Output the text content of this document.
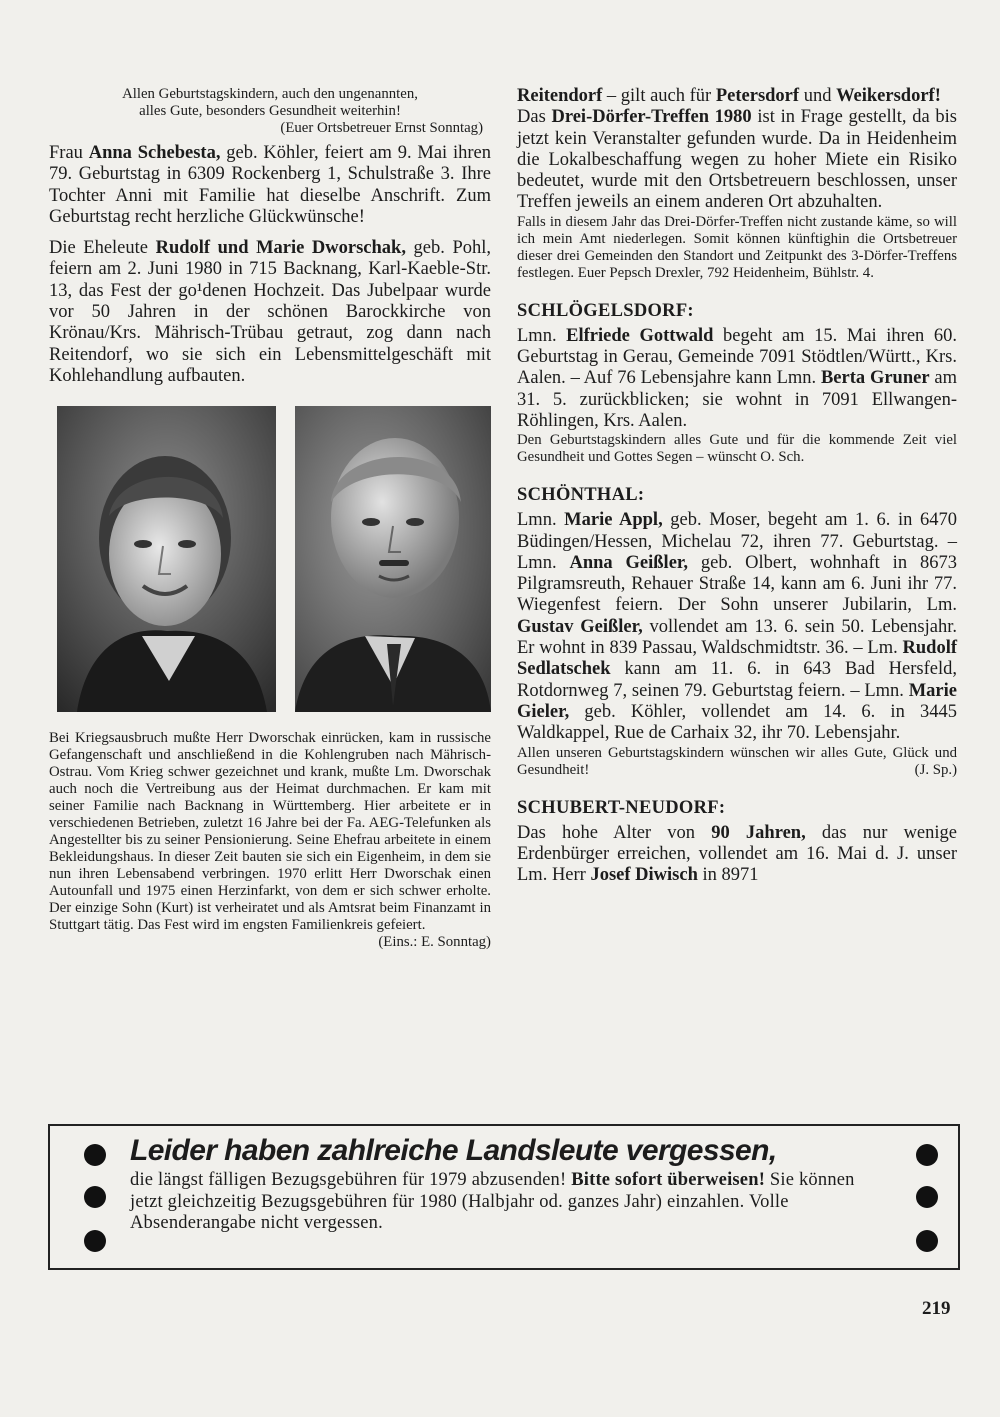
Allen Geburtstagskindern, auch den ungenannten,

alles Gute, besonders Gesundheit weiterhin!

(Euer Ortsbetreuer Ernst Sonntag)

Frau Anna Schebesta, geb. Köhler, feiert am 9. Mai ihren 79. Geburtstag in 6309 Rockenberg 1, Schulstraße 3. Ihre Tochter Anni mit Familie hat dieselbe Anschrift. Zum Geburtstag recht herzliche Glückwünsche!

Die Eheleute Rudolf und Marie Dworschak, geb. Pohl, feiern am 2. Juni 1980 in 715 Backnang, Karl-Kaeble-Str. 13, das Fest der go¹denen Hochzeit. Das Jubelpaar wurde vor 50 Jahren in der schönen Barockkirche von Krönau/Krs. Mährisch-Trübau getraut, zog dann nach Reitendorf, wo sie sich ein Lebensmittelgeschäft mit Kohlehandlung aufbauten.

Bei Kriegsausbruch mußte Herr Dworschak einrücken, kam in russische Gefangenschaft und anschließend in die Kohlengruben nach Mährisch-Ostrau. Vom Krieg schwer gezeichnet und krank, mußte Lm. Dworschak auch noch die Vertreibung aus der Heimat durchmachen. Er kam mit seiner Familie nach Backnang in Württemberg. Hier arbeitete er in verschiedenen Betrieben, zuletzt 16 Jahre bei der Fa. AEG-Telefunken als Angestellter bis zu seiner Pensionierung. Seine Ehefrau arbeitete in einem Bekleidungshaus. In dieser Zeit bauten sie sich ein Eigenheim, in dem sie nun ihren Lebensabend verbringen. 1970 erlitt Herr Dworschak einen Autounfall und 1975 einen Herzinfarkt, von dem er sich schwer erholte. Der einzige Sohn (Kurt) ist verheiratet und als Amtsrat beim Finanzamt in Stuttgart tätig. Das Fest wird im engsten Familienkreis gefeiert.
(Eins.: E. Sonntag)

Reitendorf – gilt auch für Petersdorf und Weikersdorf!

Das Drei-Dörfer-Treffen 1980 ist in Frage gestellt, da bis jetzt kein Veranstalter gefunden wurde. Da in Heidenheim die Lokalbeschaffung wegen zu hoher Miete ein Risiko bedeutet, wurde mit den Ortsbetreuern beschlossen, unser Treffen jeweils an einem anderen Ort abzuhalten.

Falls in diesem Jahr das Drei-Dörfer-Treffen nicht zustande käme, so will ich mein Amt niederlegen. Somit können künftighin die Ortsbetreuer dieser drei Gemeinden den Standort und Zeitpunkt des 3-Dörfer-Treffens festlegen. Euer Pepsch Drexler, 792 Heidenheim, Bühlstr. 4.

SCHLÖGELSDORF:

Lmn. Elfriede Gottwald begeht am 15. Mai ihren 60. Geburtstag in Gerau, Gemeinde 7091 Stödtlen/Württ., Krs. Aalen. – Auf 76 Lebensjahre kann Lmn. Berta Gruner am 31. 5. zurückblicken; sie wohnt in 7091 Ellwangen-Röhlingen, Krs. Aalen.

Den Geburtstagskindern alles Gute und für die kommende Zeit viel Gesundheit und Gottes Segen – wünscht O. Sch.

SCHÖNTHAL:

Lmn. Marie Appl, geb. Moser, begeht am 1. 6. in 6470 Büdingen/Hessen, Michelau 72, ihren 77. Geburtstag. – Lmn. Anna Geißler, geb. Olbert, wohnhaft in 8673 Pilgramsreuth, Rehauer Straße 14, kann am 6. Juni ihr 77. Wiegenfest feiern. Der Sohn unserer Jubilarin, Lm. Gustav Geißler, vollendet am 13. 6. sein 50. Lebensjahr. Er wohnt in 839 Passau, Waldschmidtstr. 36. – Lm. Rudolf Sedlatschek kann am 11. 6. in 643 Bad Hersfeld, Rotdornweg 7, seinen 79. Geburtstag feiern. – Lmn. Marie Gieler, geb. Köhler, vollendet am 14. 6. in 3445 Waldkappel, Rue de Carhaix 32, ihr 70. Lebensjahr.

Allen unseren Geburtstagskindern wünschen wir alles Gute, Glück und Gesundheit!	(J. Sp.)

SCHUBERT-NEUDORF:

Das hohe Alter von 90 Jahren, das nur wenige Erdenbürger erreichen, vollendet am 16. Mai d. J. unser Lm. Herr Josef Diwisch in 8971

Leider haben zahlreiche Landsleute vergessen,

die längst fälligen Bezugsgebühren für 1979 abzusenden! Bitte sofort überweisen! Sie können jetzt gleichzeitig Bezugsgebühren für 1980 (Halbjahr od. ganzes Jahr) einzahlen. Volle Absenderangabe nicht vergessen.

219
